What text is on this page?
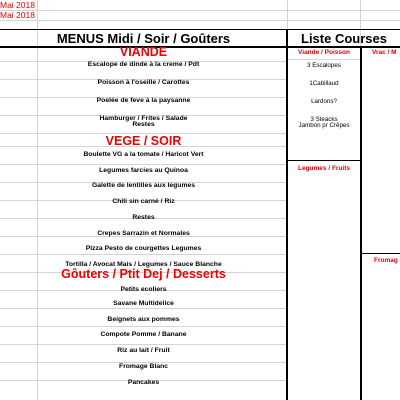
Mai 2018
Mai 2018
MENUS Midi / Soir / Goûters	Liste Courses
VIANDE
Escalope de dinde à la creme / Pdt
Poisson à l'oseille / Carottes
Poelée de feve à la paysanne
Hamburger / Frites / Salade
Restes
VEGE / SOIR
Boulette VG a la tomate / Haricot Vert
Legumes farcies au Quinoa
Galette de lentilles aux legumes
Chili sin carné / Riz
Restes
Crepes Sarrazin et Normales
Pizza Pesto de courgettes Legumes
Tortilla / Avocat Mais / Legumes / Sauce Blanche
Gôuters / Ptit Dej / Desserts
Petits ecoliers
Savane Multidelice
Beignets aux pommes
Compote Pomme / Banane
Riz au lait / Fruit
Fromage Blanc
Pancakes
Viande / Poisson
3 Escalopes
1Cabillaud
Lardons?
3 Steacks
Jambon pr Crêpes
Legumes / Fruits
Vrac / M
Fromag
